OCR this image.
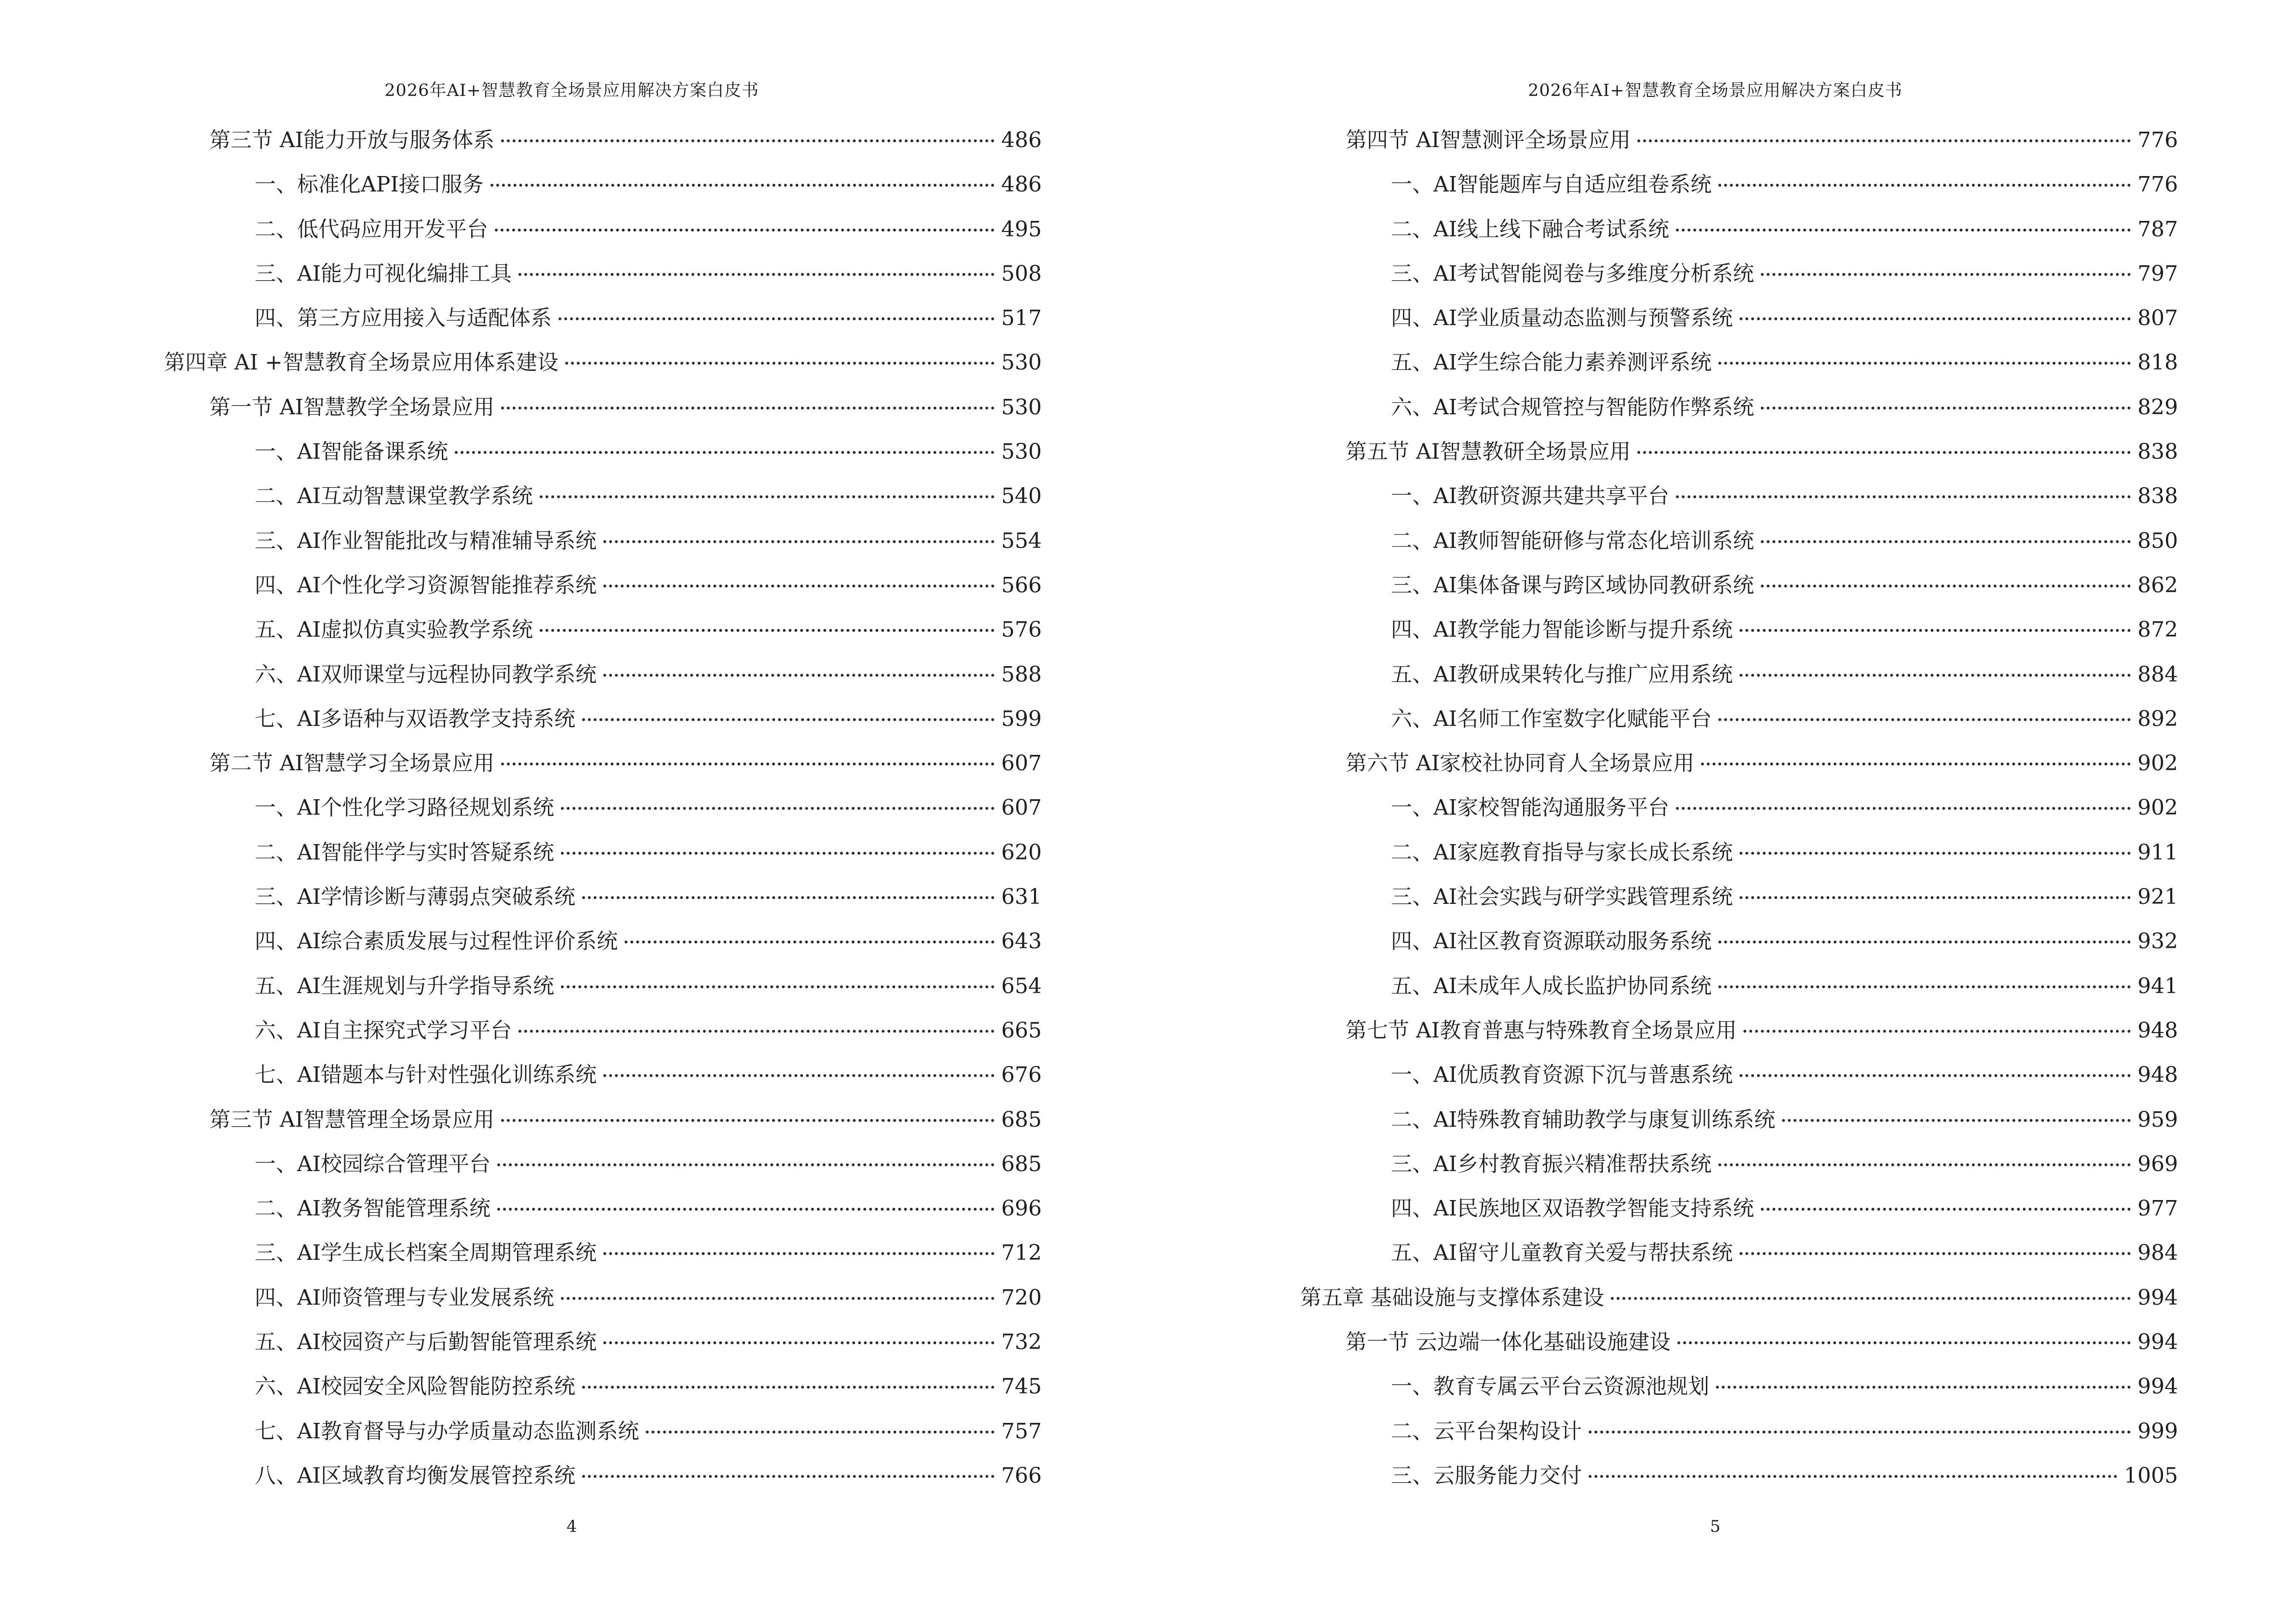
2026年AI+智慧教育全场景应用解决方案白皮书
第三节 AI能力开放与服务体系	486
一、标准化API接口服务	486
二、低代码应用开发平台	495
三、AI能力可视化编排工具	508
四、第三方应用接入与适配体系	517
第四章 AI +智慧教育全场景应用体系建设	530
第一节 AI智慧教学全场景应用	530
一、AI智能备课系统	530
二、AI互动智慧课堂教学系统	540
三、AI作业智能批改与精准辅导系统	554
四、AI个性化学习资源智能推荐系统	566
五、AI虚拟仿真实验教学系统	576
六、AI双师课堂与远程协同教学系统	588
七、AI多语种与双语教学支持系统	599
第二节 AI智慧学习全场景应用	607
一、AI个性化学习路径规划系统	607
二、AI智能伴学与实时答疑系统	620
三、AI学情诊断与薄弱点突破系统	631
四、AI综合素质发展与过程性评价系统	643
五、AI生涯规划与升学指导系统	654
六、AI自主探究式学习平台	665
七、AI错题本与针对性强化训练系统	676
第三节 AI智慧管理全场景应用	685
一、AI校园综合管理平台	685
二、AI教务智能管理系统	696
三、AI学生成长档案全周期管理系统	712
四、AI师资管理与专业发展系统	720
五、AI校园资产与后勤智能管理系统	732
六、AI校园安全风险智能防控系统	745
七、AI教育督导与办学质量动态监测系统	757
八、AI区域教育均衡发展管控系统	766
4
2026年AI+智慧教育全场景应用解决方案白皮书
第四节 AI智慧测评全场景应用	776
一、AI智能题库与自适应组卷系统	776
二、AI线上线下融合考试系统	787
三、AI考试智能阅卷与多维度分析系统	797
四、AI学业质量动态监测与预警系统	807
五、AI学生综合能力素养测评系统	818
六、AI考试合规管控与智能防作弊系统	829
第五节 AI智慧教研全场景应用	838
一、AI教研资源共建共享平台	838
二、AI教师智能研修与常态化培训系统	850
三、AI集体备课与跨区域协同教研系统	862
四、AI教学能力智能诊断与提升系统	872
五、AI教研成果转化与推广应用系统	884
六、AI名师工作室数字化赋能平台	892
第六节 AI家校社协同育人全场景应用	902
一、AI家校智能沟通服务平台	902
二、AI家庭教育指导与家长成长系统	911
三、AI社会实践与研学实践管理系统	921
四、AI社区教育资源联动服务系统	932
五、AI未成年人成长监护协同系统	941
第七节 AI教育普惠与特殊教育全场景应用	948
一、AI优质教育资源下沉与普惠系统	948
二、AI特殊教育辅助教学与康复训练系统	959
三、AI乡村教育振兴精准帮扶系统	969
四、AI民族地区双语教学智能支持系统	977
五、AI留守儿童教育关爱与帮扶系统	984
第五章 基础设施与支撑体系建设	994
第一节 云边端一体化基础设施建设	994
一、教育专属云平台云资源池规划	994
二、云平台架构设计	999
三、云服务能力交付	1005
5
